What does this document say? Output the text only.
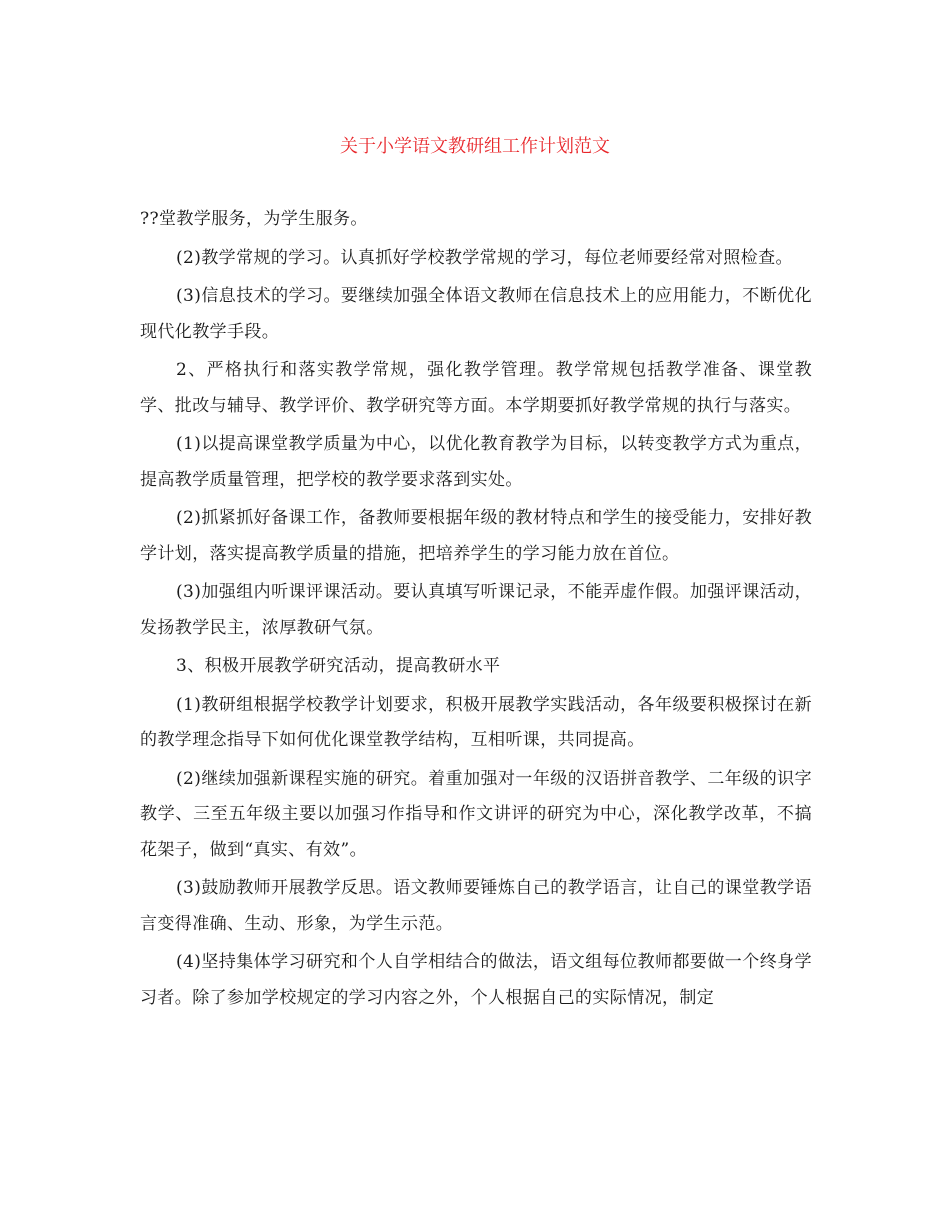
关于小学语文教研组工作计划范文

??堂教学服务，为学生服务。

(2)教学常规的学习。认真抓好学校教学常规的学习，每位老师要经常对照检查。

(3)信息技术的学习。要继续加强全体语文教师在信息技术上的应用能力，不断优化现代化教学手段。

2、严格执行和落实教学常规，强化教学管理。教学常规包括教学准备、课堂教学、批改与辅导、教学评价、教学研究等方面。本学期要抓好教学常规的执行与落实。

(1)以提高课堂教学质量为中心，以优化教育教学为目标，以转变教学方式为重点，提高教学质量管理，把学校的教学要求落到实处。

(2)抓紧抓好备课工作，备教师要根据年级的教材特点和学生的接受能力，安排好教学计划，落实提高教学质量的措施，把培养学生的学习能力放在首位。

(3)加强组内听课评课活动。要认真填写听课记录，不能弄虚作假。加强评课活动，发扬教学民主，浓厚教研气氛。

3、积极开展教学研究活动，提高教研水平

(1)教研组根据学校教学计划要求，积极开展教学实践活动，各年级要积极探讨在新的教学理念指导下如何优化课堂教学结构，互相听课，共同提高。

(2)继续加强新课程实施的研究。着重加强对一年级的汉语拼音教学、二年级的识字教学、三至五年级主要以加强习作指导和作文讲评的研究为中心，深化教学改革，不搞花架子，做到“真实、有效”。

(3)鼓励教师开展教学反思。语文教师要锤炼自己的教学语言，让自己的课堂教学语言变得准确、生动、形象，为学生示范。

(4)坚持集体学习研究和个人自学相结合的做法，语文组每位教师都要做一个终身学习者。除了参加学校规定的学习内容之外，个人根据自己的实际情况，制定
